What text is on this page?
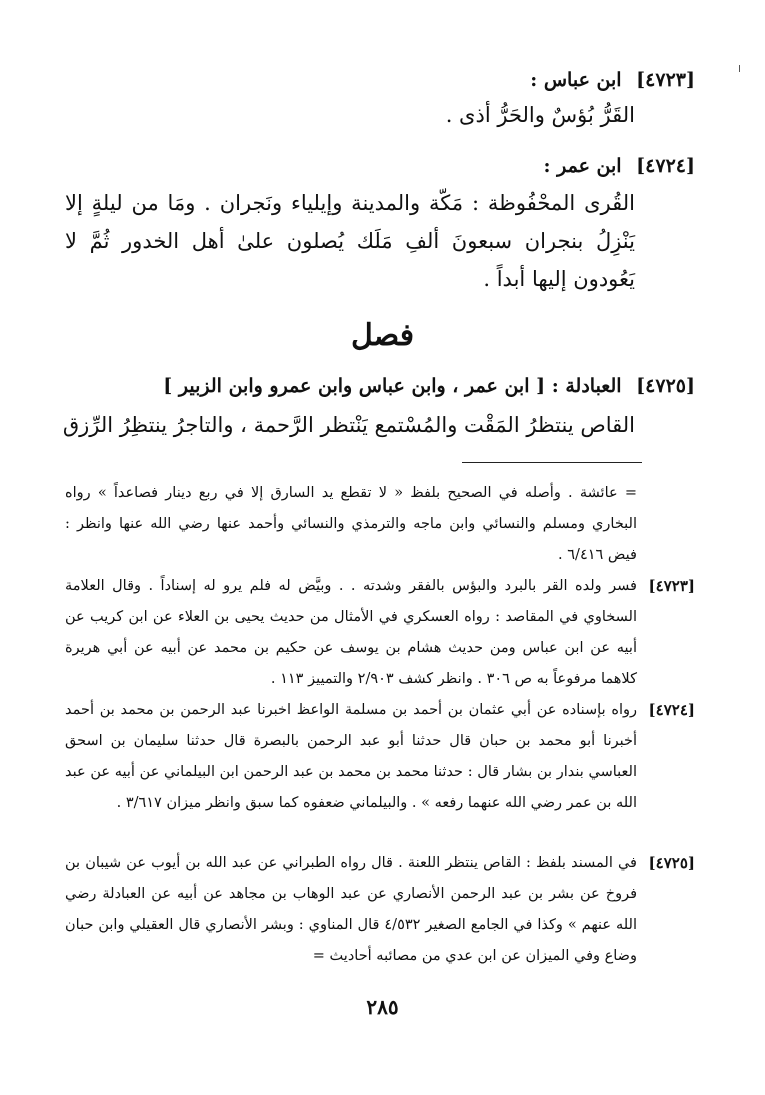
[٤٧٢٣] ابن عباس :
القَرُّ بُؤسٌ والحَرُّ أذى .
[٤٧٢٤] ابن عمر :
القُرى المحْفُوظة : مَكّة والمدينة وإيلياء ونَجران . ومَا من ليلةٍ إلا يَنْزِلُ بنجران سبعونَ ألفِ مَلَك يُصلون علىٰ أهل الخدور ثُمَّ لا يَعُودون إليها أبداً .
فصل
[٤٧٢٥] العبادلة : [ ابن عمر ، وابن عباس وابن عمرو وابن الزبير ]
القاص ينتظرُ المَقْت والمُسْتمع يَنْتظر الرَّحمة ، والتاجرُ ينتظِرُ الرِّزق
= عائشة . وأصله في الصحيح بلفظ « لا تقطع يد السارق إلا في ربع دينار فصاعداً » رواه البخاري ومسلم والنسائي وابن ماجه والترمذي والنسائي وأحمد عنها رضي الله عنها وانظر : فيض ٦/٤١٦ .
[٤٧٢٣]
فسر ولده القر بالبرد والبؤس بالفقر وشدته . . وبيَّض له فلم يرو له إسناداً . وقال العلامة السخاوي في المقاصد : رواه العسكري في الأمثال من حديث يحيى بن العلاء عن ابن كريب عن أبيه عن ابن عباس ومن حديث هشام بن يوسف عن حكيم بن محمد عن أبيه عن أبي هريرة كلاهما مرفوعاً به ص ٣٠٦ . وانظر كشف ٢/٩٠٣ والتمييز ١١٣ .
[٤٧٢٤]
رواه بإسناده عن أبي عثمان بن أحمد بن مسلمة الواعظ اخبرنا عبد الرحمن بن محمد بن أحمد أخبرنا أبو محمد بن حبان قال حدثنا أبو عبد الرحمن بالبصرة قال حدثنا سليمان بن اسحق العباسي بندار بن بشار قال : حدثنا محمد بن محمد بن عبد الرحمن ابن البيلماني عن أبيه عن عبد الله بن عمر رضي الله عنهما رفعه » . والبيلماني ضعفوه كما سبق وانظر ميزان ٣/٦١٧ .
[٤٧٢٥]
في المسند بلفظ : القاص ينتظر اللعنة . قال رواه الطبراني عن عبد الله بن أيوب عن شيبان بن فروخ عن بشر بن عبد الرحمن الأنصاري عن عبد الوهاب بن مجاهد عن أبيه عن العبادلة رضي الله عنهم » وكذا في الجامع الصغير ٤/٥٣٢ قال المناوي : وبشر الأنصاري قال العقيلي وابن حبان وضاع وفي الميزان عن ابن عدي من مصائبه أحاديث =
٢٨٥
